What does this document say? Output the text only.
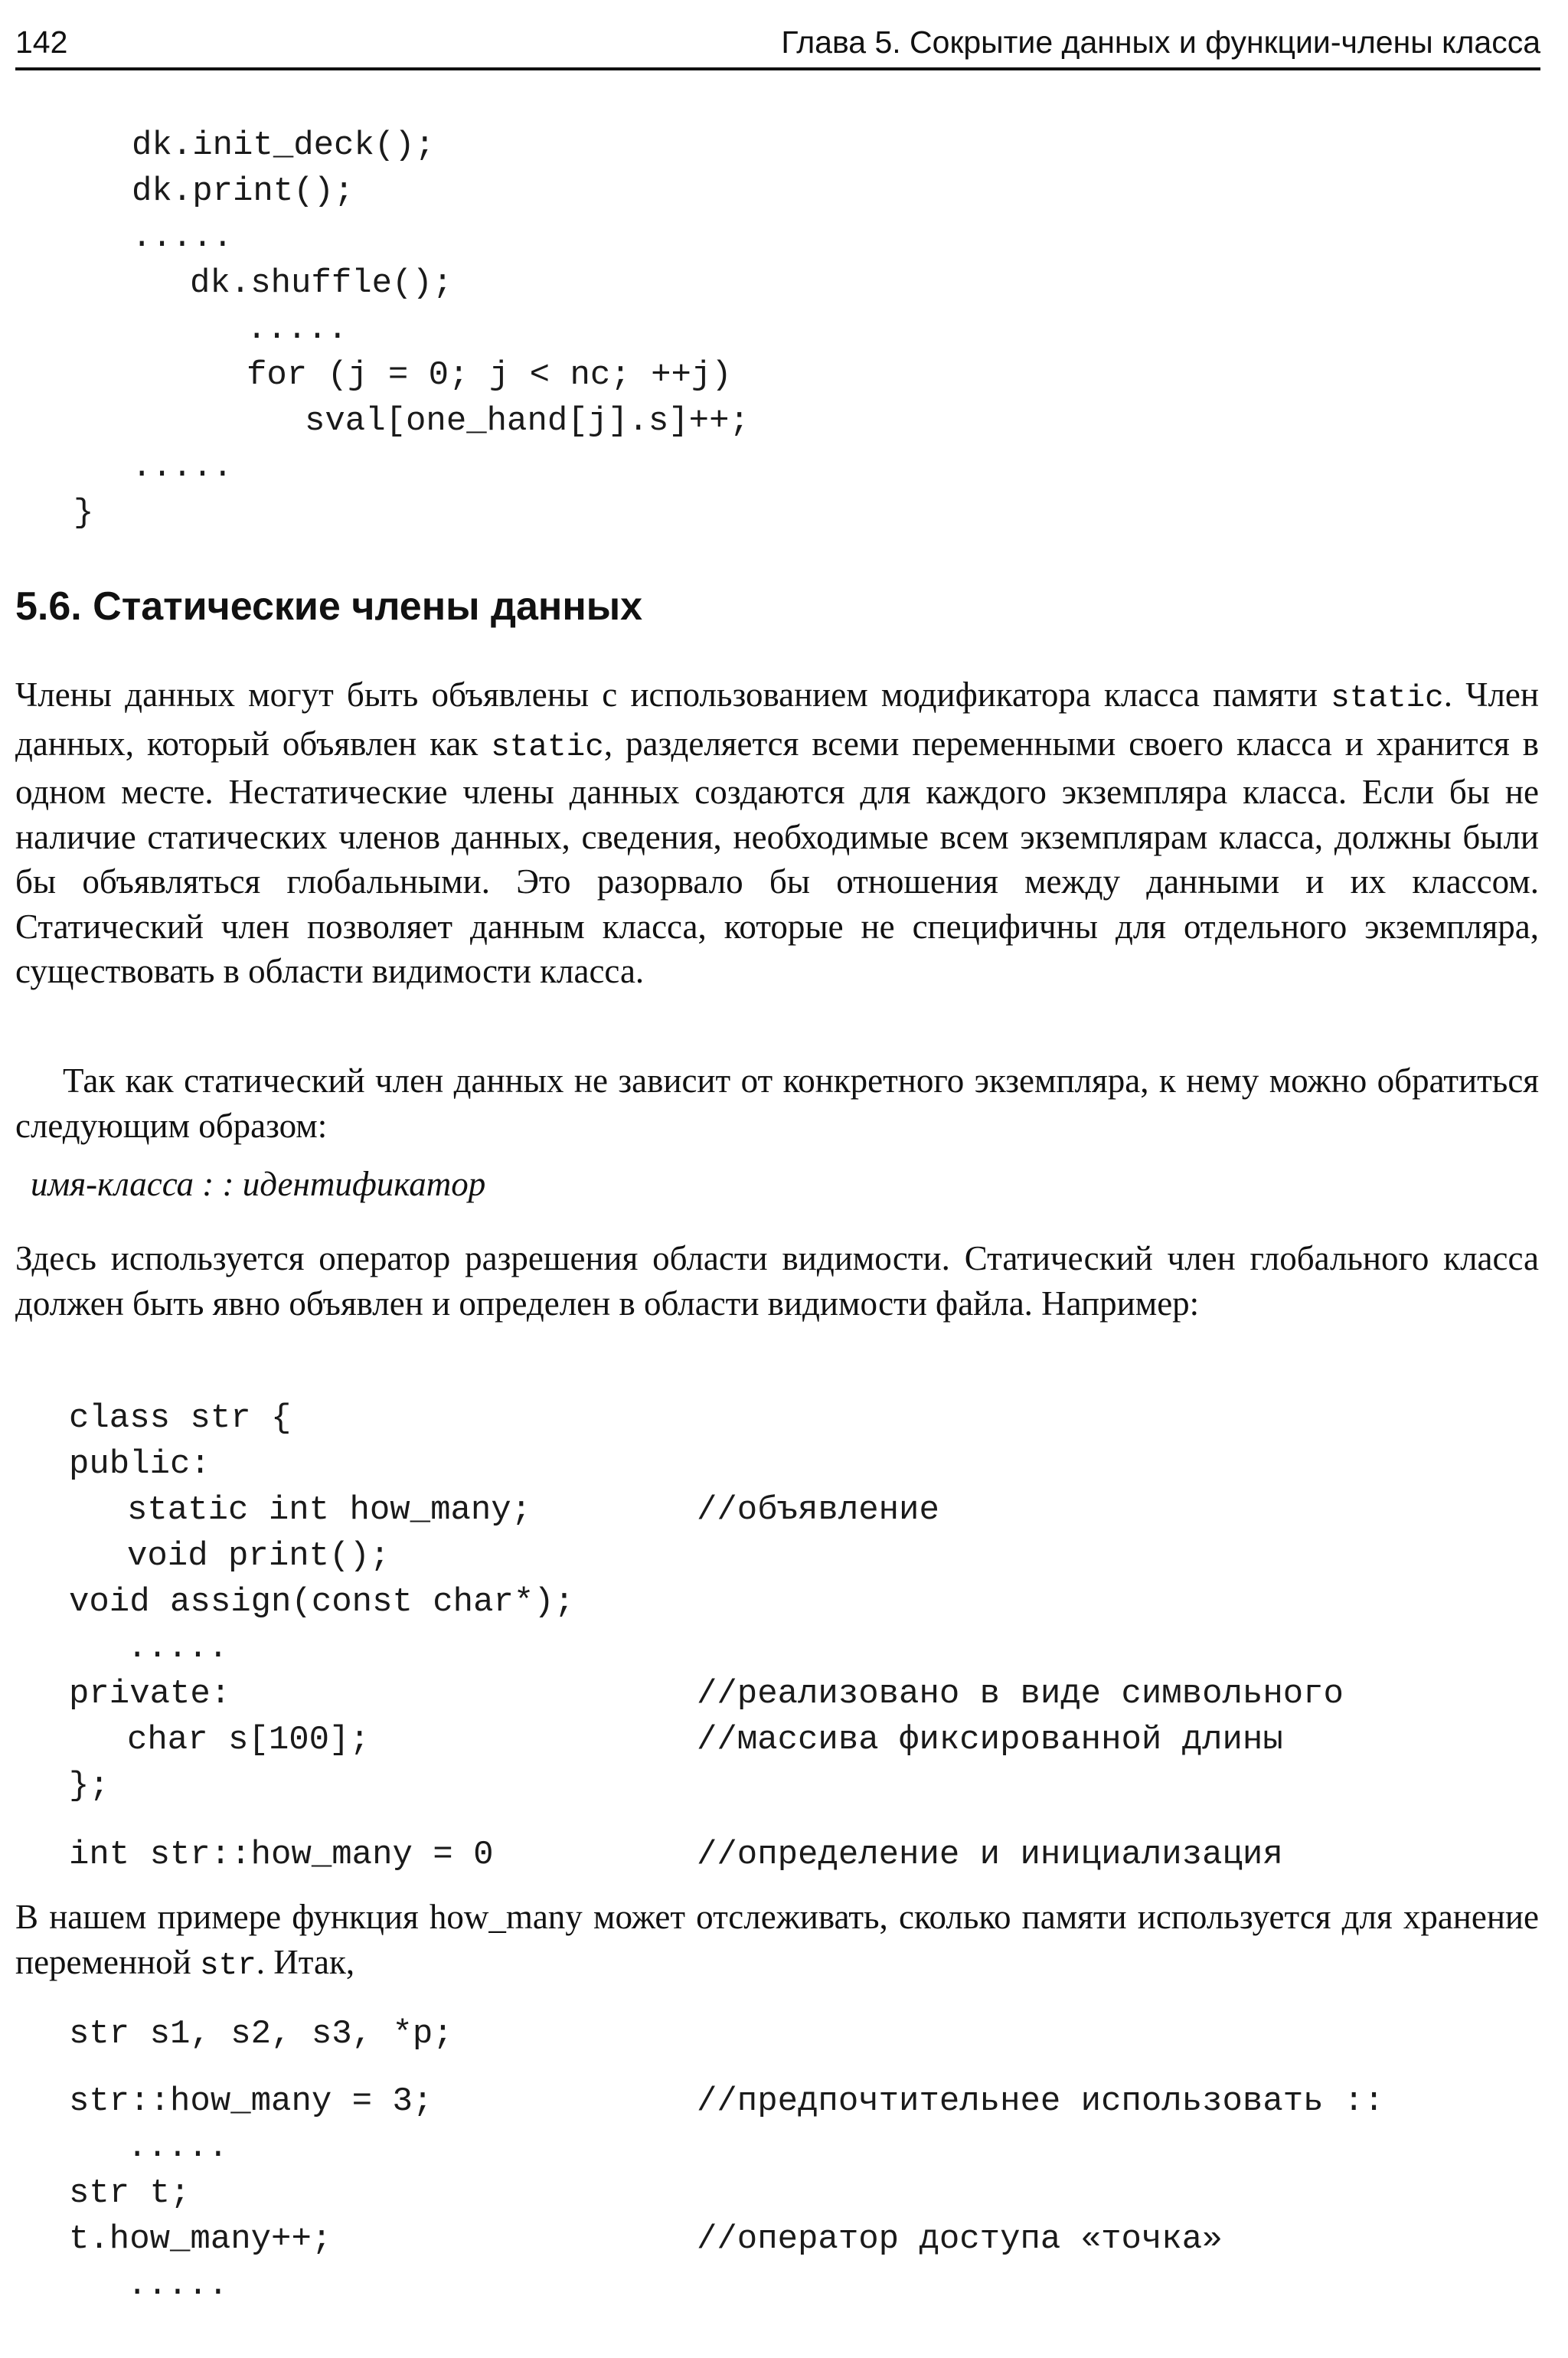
142	Глава 5. Сокрытие данных и функции-члены класса
dk.init_deck();
dk.print();
.....
dk.shuffle();
.....
for (j = 0; j < nc; ++j)
sval[one_hand[j].s]++;
.....
}
5.6. Статические члены данных

Члены данных могут быть объявлены с использованием модификатора класса памяти static. Член данных, который объявлен как static, разделяется всеми переменными своего класса и хранится в одном месте. Нестатические члены данных создаются для каждого экземпляра класса. Если бы не наличие статических членов данных, сведения, необходимые всем экземплярам класса, должны были бы объявляться глобальными. Это разорвало бы отношения между данными и их классом. Статический член позволяет данным класса, которые не специфичны для отдельного экземпляра, существовать в области видимости класса.

Так как статический член данных не зависит от конкретного экземпляра, к нему можно обратиться следующим образом:

имя-класса : : идентификатор

Здесь используется оператор разрешения области видимости. Статический член глобального класса должен быть явно объявлен и определен в области видимости файла. Например:

class str {
public:
static int how_many;	//объявление
void print();
void assign(const char*);
.....
private:	//реализовано в виде символьного
char s[100];	//массива фиксированной длины
};
int str::how_many = 0	//определение и инициализация

В нашем примере функция how_many может отслеживать, сколько памяти используется для хранение переменной str. Итак,

str s1, s2, s3, *p;
str::how_many = 3;	//предпочтительнее использовать ::
.....
str t;
t.how_many++;	//оператор доступа «точка»
.....
